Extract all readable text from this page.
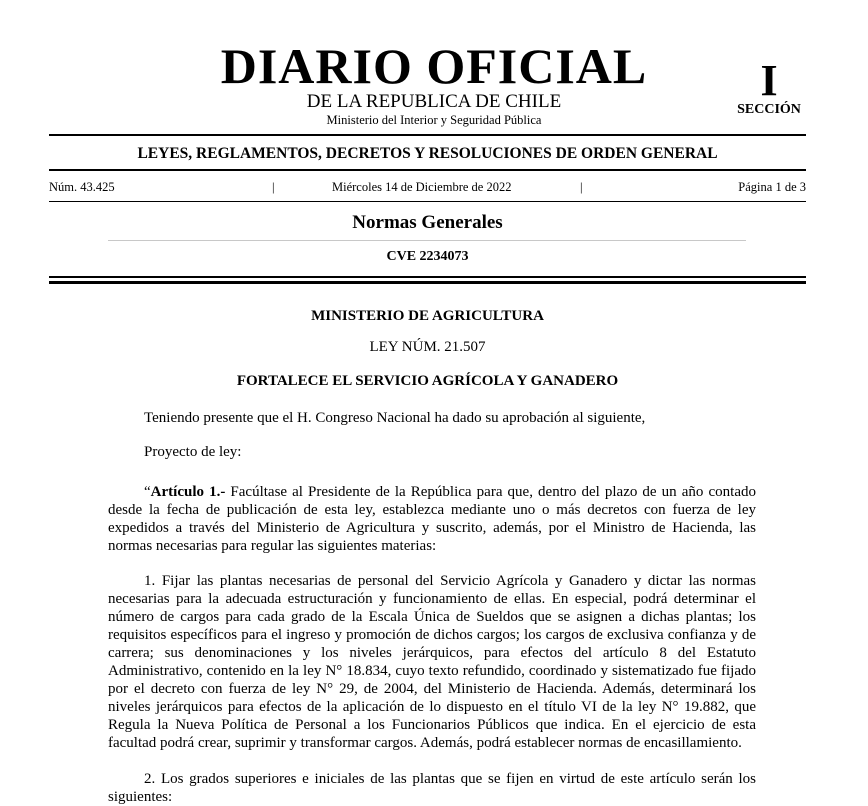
DIARIO OFICIAL
DE LA REPUBLICA DE CHILE
Ministerio del Interior y Seguridad Pública
I
SECCIÓN
LEYES, REGLAMENTOS, DECRETOS Y RESOLUCIONES DE ORDEN GENERAL
Núm. 43.425	|	Miércoles 14 de Diciembre de 2022	|	Página 1 de 3
Normas Generales
CVE 2234073
MINISTERIO DE AGRICULTURA
LEY NÚM. 21.507
FORTALECE EL SERVICIO AGRÍCOLA Y GANADERO
Teniendo presente que el H. Congreso Nacional ha dado su aprobación al siguiente,
Proyecto de ley:
“Artículo 1.- Facúltase al Presidente de la República para que, dentro del plazo de un año contado desde la fecha de publicación de esta ley, establezca mediante uno o más decretos con fuerza de ley expedidos a través del Ministerio de Agricultura y suscrito, además, por el Ministro de Hacienda, las normas necesarias para regular las siguientes materias:
1. Fijar las plantas necesarias de personal del Servicio Agrícola y Ganadero y dictar las normas necesarias para la adecuada estructuración y funcionamiento de ellas. En especial, podrá determinar el número de cargos para cada grado de la Escala Única de Sueldos que se asignen a dichas plantas; los requisitos específicos para el ingreso y promoción de dichos cargos; los cargos de exclusiva confianza y de carrera; sus denominaciones y los niveles jerárquicos, para efectos del artículo 8 del Estatuto Administrativo, contenido en la ley N° 18.834, cuyo texto refundido, coordinado y sistematizado fue fijado por el decreto con fuerza de ley N° 29, de 2004, del Ministerio de Hacienda. Además, determinará los niveles jerárquicos para efectos de la aplicación de lo dispuesto en el título VI de la ley N° 19.882, que Regula la Nueva Política de Personal a los Funcionarios Públicos que indica. En el ejercicio de esta facultad podrá crear, suprimir y transformar cargos. Además, podrá establecer normas de encasillamiento.
2. Los grados superiores e iniciales de las plantas que se fijen en virtud de este artículo serán los siguientes:
